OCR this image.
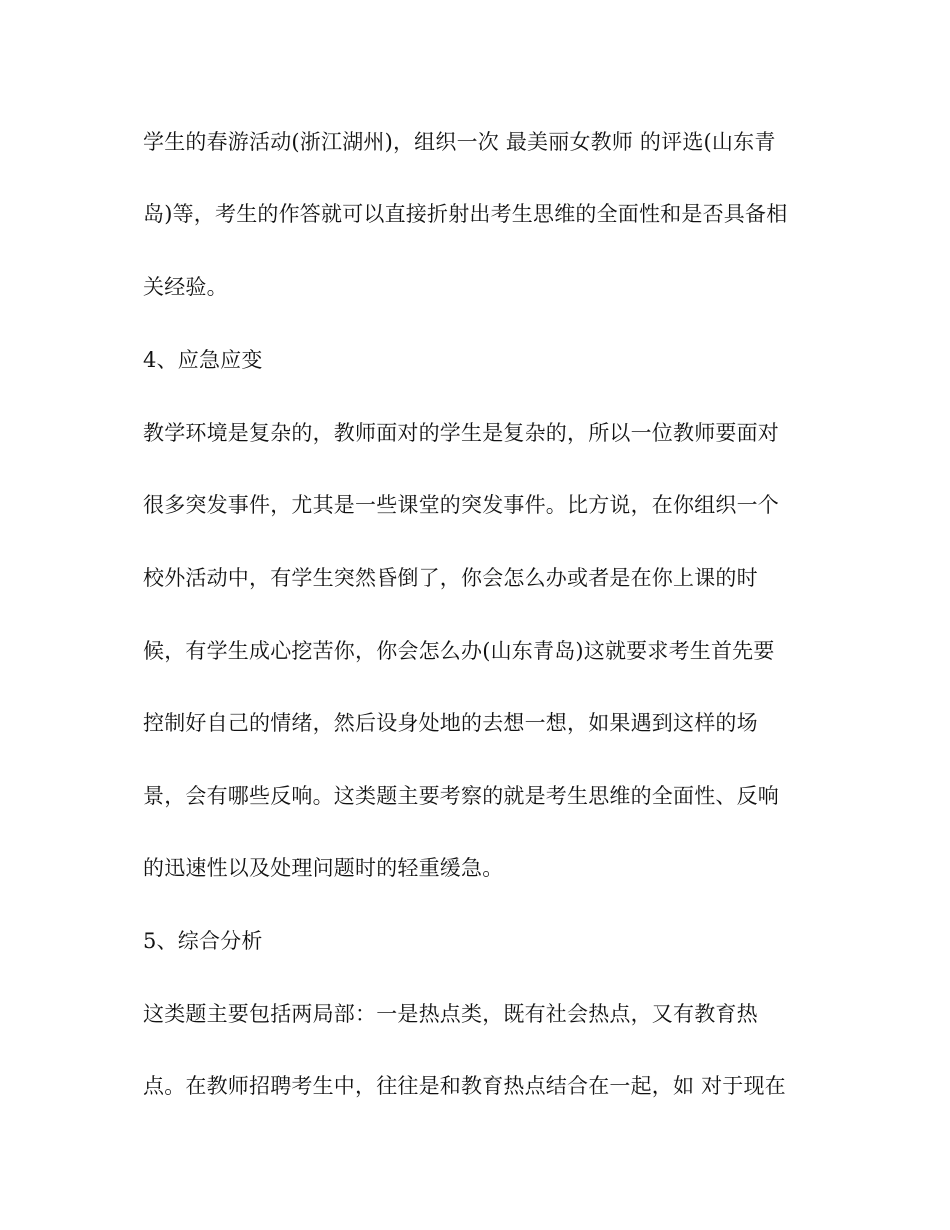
学生的春游活动(浙江湖州)，组织一次 最美丽女教师 的评选(山东青
岛)等，考生的作答就可以直接折射出考生思维的全面性和是否具备相
关经验。
4、应急应变
教学环境是复杂的，教师面对的学生是复杂的，所以一位教师要面对
很多突发事件，尤其是一些课堂的突发事件。比方说，在你组织一个
校外活动中，有学生突然昏倒了，你会怎么办或者是在你上课的时
候，有学生成心挖苦你，你会怎么办(山东青岛)这就要求考生首先要
控制好自己的情绪，然后设身处地的去想一想，如果遇到这样的场
景，会有哪些反响。这类题主要考察的就是考生思维的全面性、反响
的迅速性以及处理问题时的轻重缓急。
5、综合分析
这类题主要包括两局部：一是热点类，既有社会热点，又有教育热
点。在教师招聘考生中，往往是和教育热点结合在一起，如 对于现在
